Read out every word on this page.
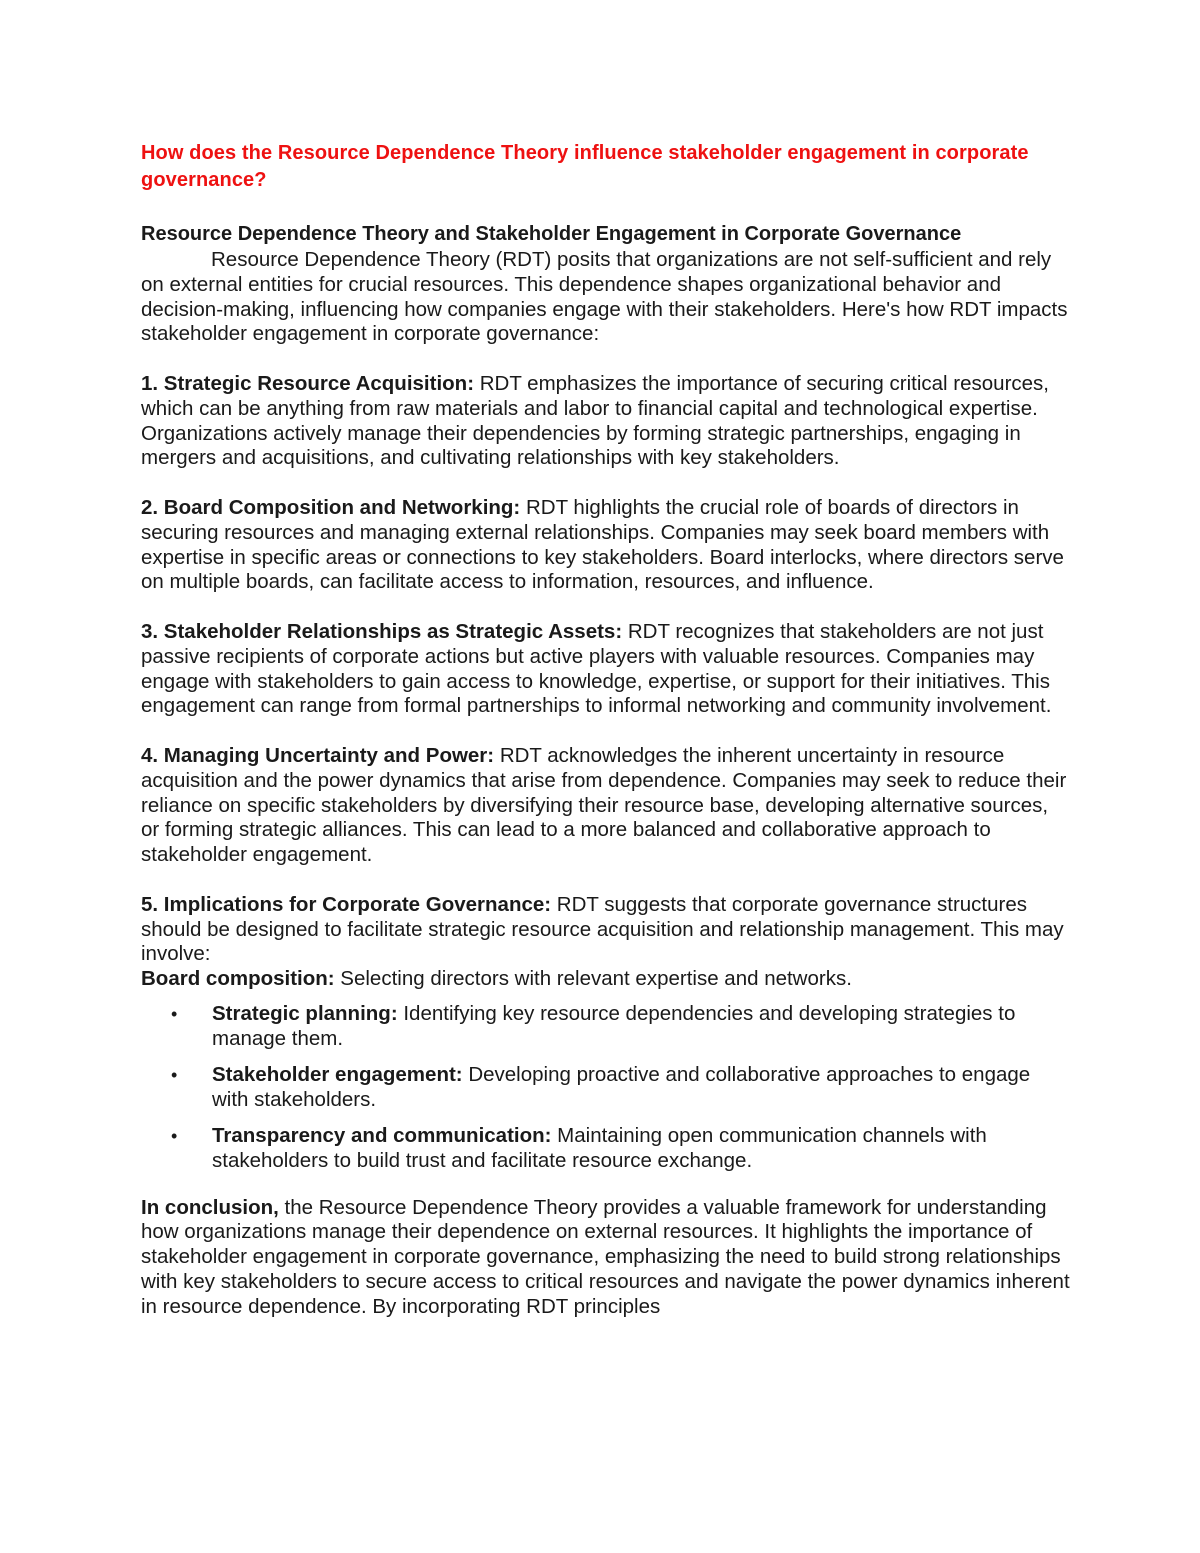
How does the Resource Dependence Theory influence stakeholder engagement in corporate governance?

Resource Dependence Theory and Stakeholder Engagement in Corporate Governance

Resource Dependence Theory (RDT) posits that organizations are not self-sufficient and rely on external entities for crucial resources. This dependence shapes organizational behavior and decision-making, influencing how companies engage with their stakeholders. Here's how RDT impacts stakeholder engagement in corporate governance:

1. Strategic Resource Acquisition: RDT emphasizes the importance of securing critical resources, which can be anything from raw materials and labor to financial capital and technological expertise. Organizations actively manage their dependencies by forming strategic partnerships, engaging in mergers and acquisitions, and cultivating relationships with key stakeholders.

2. Board Composition and Networking: RDT highlights the crucial role of boards of directors in securing resources and managing external relationships. Companies may seek board members with expertise in specific areas or connections to key stakeholders. Board interlocks, where directors serve on multiple boards, can facilitate access to information, resources, and influence.

3. Stakeholder Relationships as Strategic Assets: RDT recognizes that stakeholders are not just passive recipients of corporate actions but active players with valuable resources. Companies may engage with stakeholders to gain access to knowledge, expertise, or support for their initiatives. This engagement can range from formal partnerships to informal networking and community involvement.

4. Managing Uncertainty and Power: RDT acknowledges the inherent uncertainty in resource acquisition and the power dynamics that arise from dependence. Companies may seek to reduce their reliance on specific stakeholders by diversifying their resource base, developing alternative sources, or forming strategic alliances. This can lead to a more balanced and collaborative approach to stakeholder engagement.

5. Implications for Corporate Governance: RDT suggests that corporate governance structures should be designed to facilitate strategic resource acquisition and relationship management. This may involve:

Board composition: Selecting directors with relevant expertise and networks.

• Strategic planning: Identifying key resource dependencies and developing strategies to manage them.
• Stakeholder engagement: Developing proactive and collaborative approaches to engage with stakeholders.
• Transparency and communication: Maintaining open communication channels with stakeholders to build trust and facilitate resource exchange.

In conclusion, the Resource Dependence Theory provides a valuable framework for understanding how organizations manage their dependence on external resources. It highlights the importance of stakeholder engagement in corporate governance, emphasizing the need to build strong relationships with key stakeholders to secure access to critical resources and navigate the power dynamics inherent in resource dependence. By incorporating RDT principles
